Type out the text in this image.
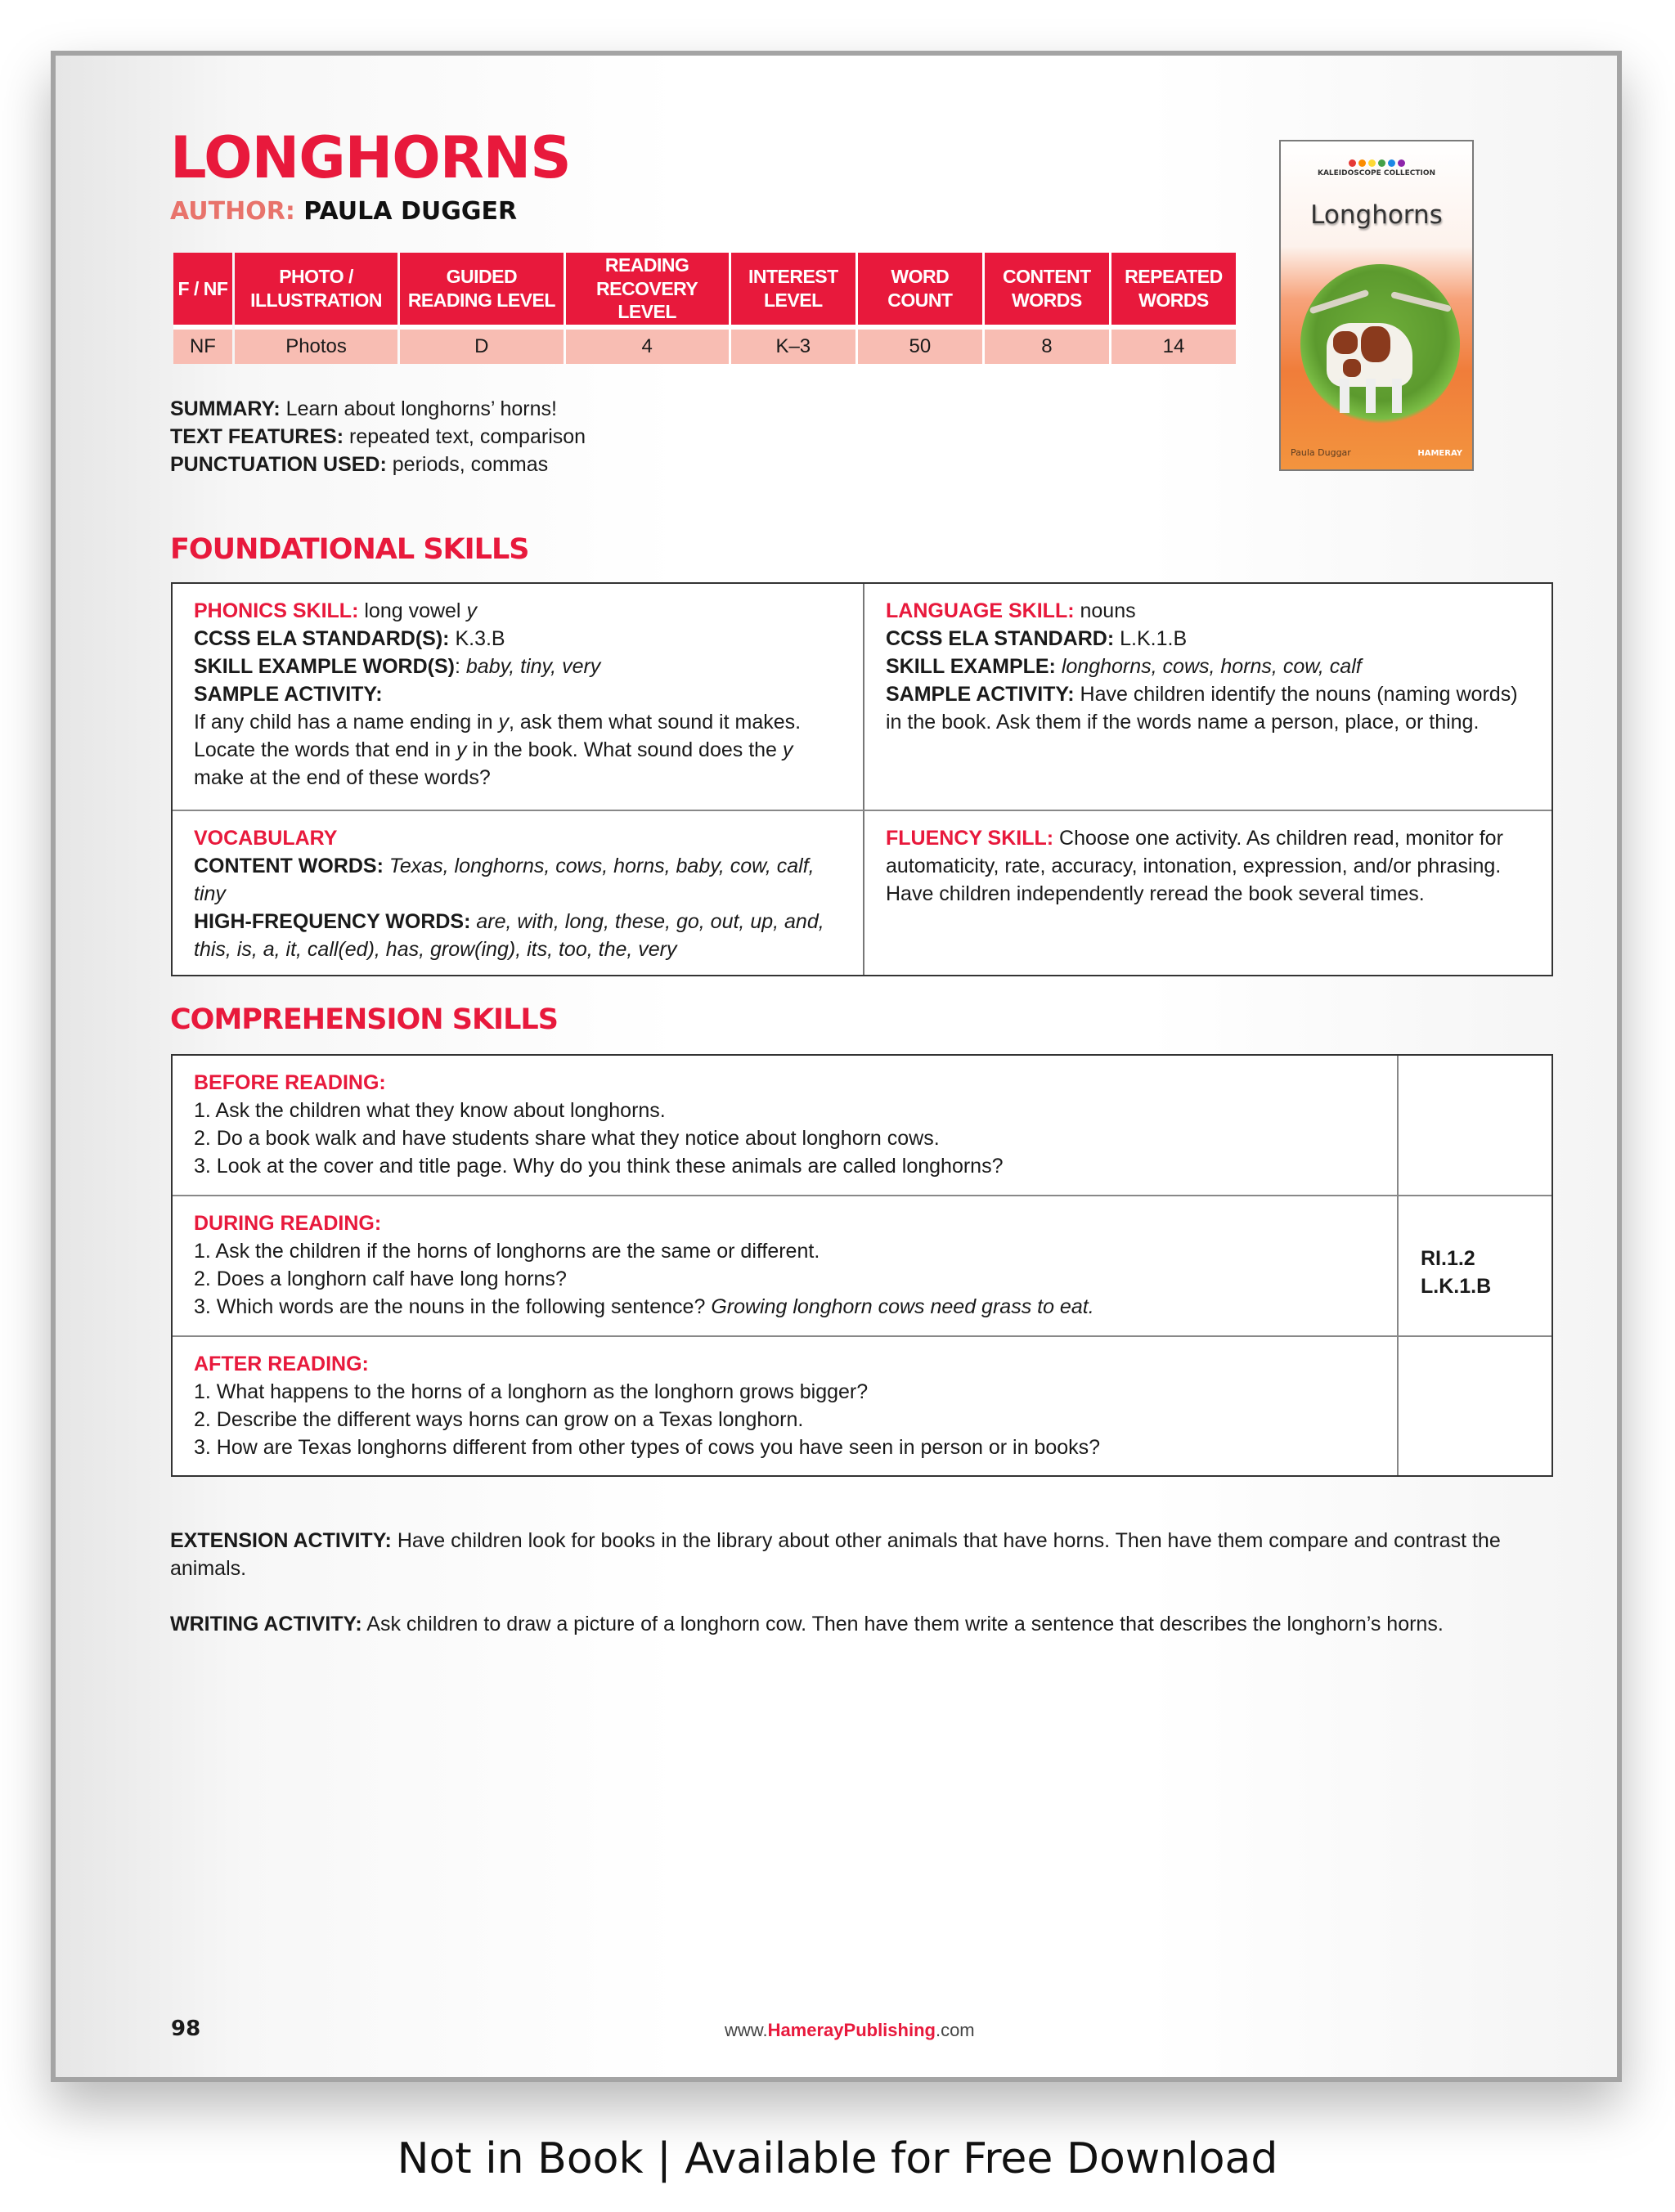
LONGHORNS

AUTHOR: PAULA DUGGER

F / NF	PHOTO / ILLUSTRATION	GUIDED READING LEVEL	READING RECOVERY LEVEL	INTEREST LEVEL	WORD COUNT	CONTENT WORDS	REPEATED WORDS
NF	Photos	D	4	K–3	50	8	14
KALEIDOSCOPE COLLECTION
Longhorns
Paula Duggar	HAMERAY
SUMMARY: Learn about longhorns’ horns!
TEXT FEATURES: repeated text, comparison
PUNCTUATION USED: periods, commas
FOUNDATIONAL SKILLS
PHONICS SKILL: long vowel y
CCSS ELA STANDARD(S): K.3.B
SKILL EXAMPLE WORD(S): baby, tiny, very
SAMPLE ACTIVITY:
If any child has a name ending in y, ask them what sound it makes. Locate the words that end in y in the book. What sound does the y make at the end of these words?
LANGUAGE SKILL: nouns
CCSS ELA STANDARD: L.K.1.B
SKILL EXAMPLE: longhorns, cows, horns, cow, calf
SAMPLE ACTIVITY: Have children identify the nouns (naming words) in the book. Ask them if the words name a person, place, or thing.
VOCABULARY
CONTENT WORDS: Texas, longhorns, cows, horns, baby, cow, calf, tiny
HIGH-FREQUENCY WORDS: are, with, long, these, go, out, up, and, this, is, a, it, call(ed), has, grow(ing), its, too, the, very
FLUENCY SKILL: Choose one activity. As children read, monitor for automaticity, rate, accuracy, intonation, expression, and/or phrasing. Have children independently reread the book several times.
COMPREHENSION SKILLS
BEFORE READING:
1. Ask the children what they know about longhorns.
2. Do a book walk and have students share what they notice about longhorn cows.
3. Look at the cover and title page. Why do you think these animals are called longhorns?
DURING READING:
1. Ask the children if the horns of longhorns are the same or different.
2. Does a longhorn calf have long horns?
3. Which words are the nouns in the following sentence? Growing longhorn cows need grass to eat.
RI.1.2
L.K.1.B
AFTER READING:
1. What happens to the horns of a longhorn as the longhorn grows bigger?
2. Describe the different ways horns can grow on a Texas longhorn.
3. How are Texas longhorns different from other types of cows you have seen in person or in books?

EXTENSION ACTIVITY: Have children look for books in the library about other animals that have horns. Then have them compare and contrast the animals.

WRITING ACTIVITY: Ask children to draw a picture of a longhorn cow. Then have them write a sentence that describes the longhorn’s horns.

98	www.HamerayPublishing.com
Not in Book | Available for Free Download
